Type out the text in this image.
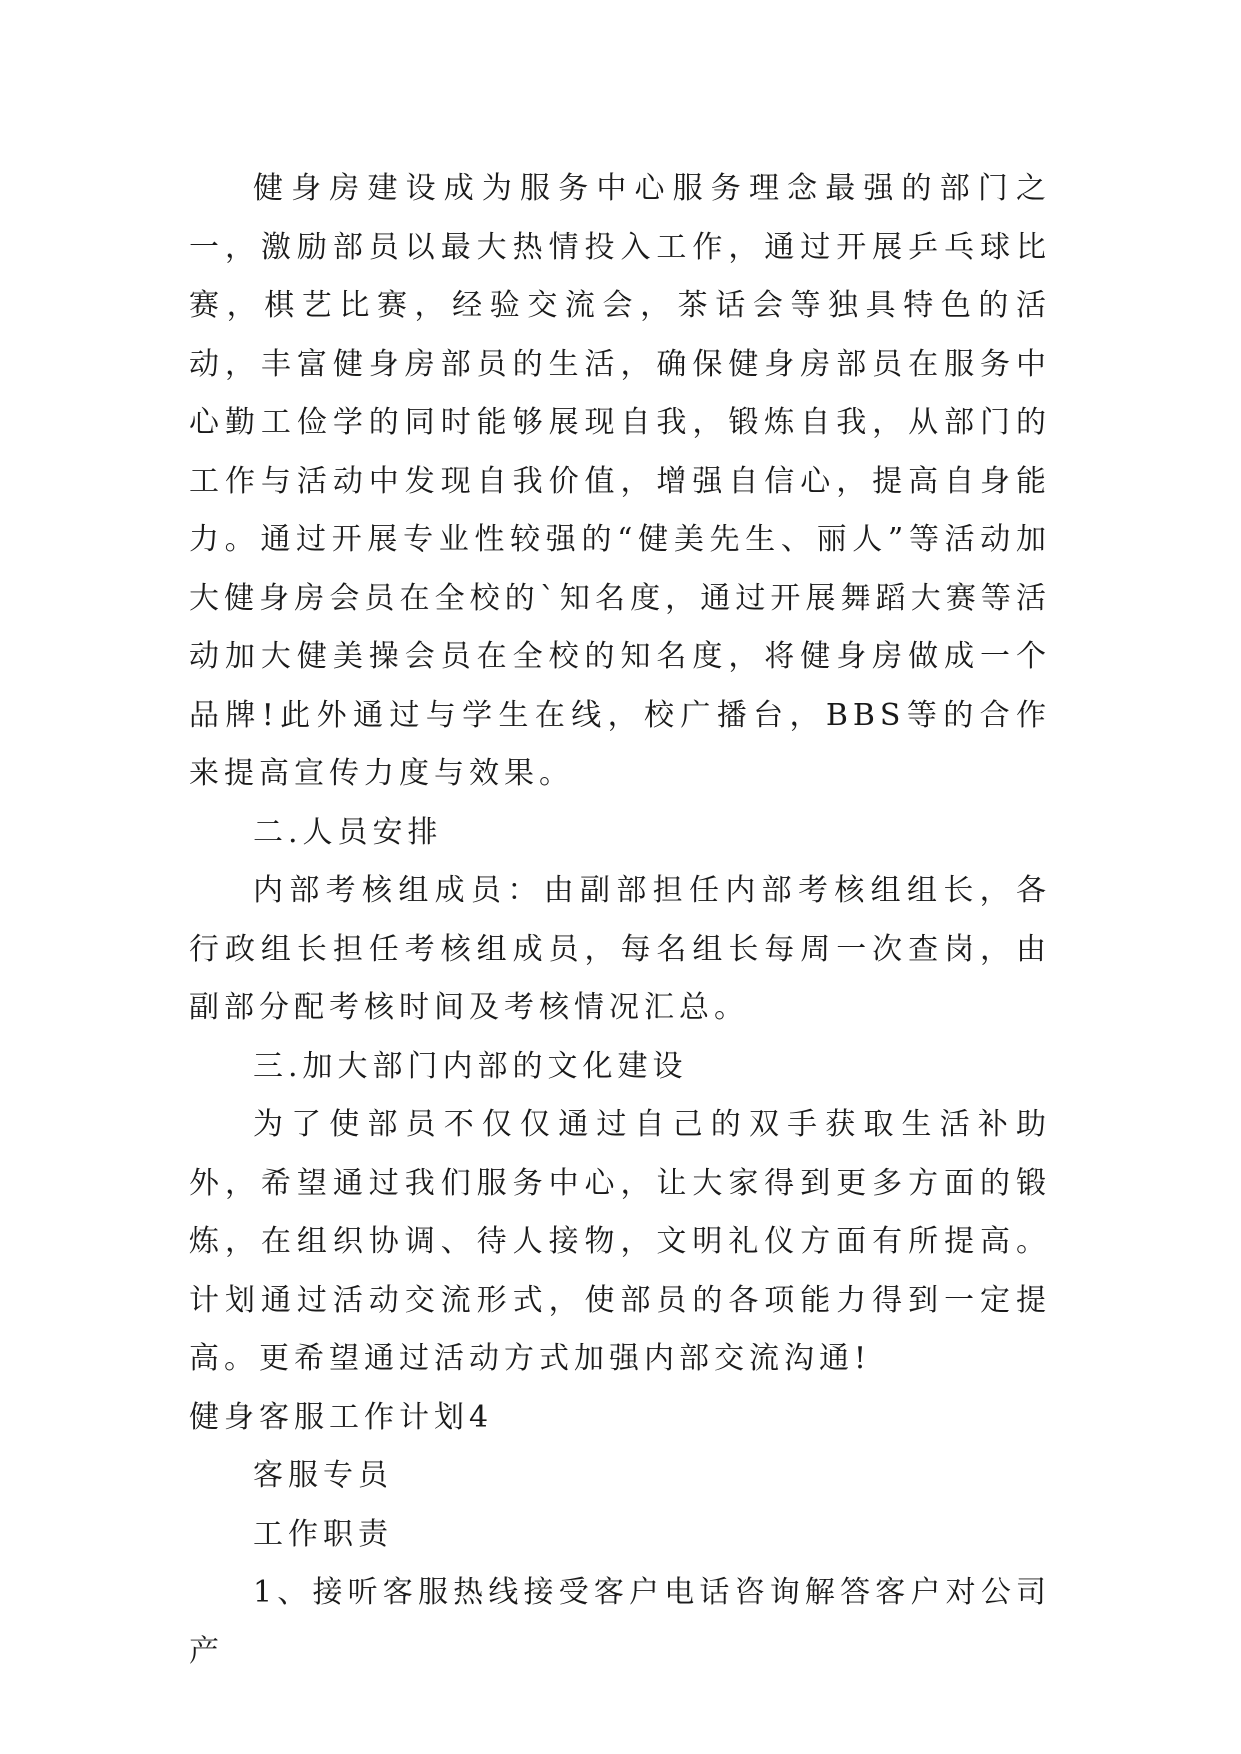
健身房建设成为服务中心服务理念最强的部门之一，激励部员以最大热情投入工作，通过开展乒乓球比赛，棋艺比赛，经验交流会，茶话会等独具特色的活动，丰富健身房部员的生活，确保健身房部员在服务中心勤工俭学的同时能够展现自我，锻炼自我，从部门的工作与活动中发现自我价值，增强自信心，提高自身能力。通过开展专业性较强的“健美先生、丽人”等活动加大健身房会员在全校的`知名度，通过开展舞蹈大赛等活动加大健美操会员在全校的知名度，将健身房做成一个品牌!此外通过与学生在线，校广播台，BBS等的合作来提高宣传力度与效果。

二.人员安排

内部考核组成员：由副部担任内部考核组组长，各行政组长担任考核组成员，每名组长每周一次查岗，由副部分配考核时间及考核情况汇总。

三.加大部门内部的文化建设

为了使部员不仅仅通过自己的双手获取生活补助外，希望通过我们服务中心，让大家得到更多方面的锻炼，在组织协调、待人接物，文明礼仪方面有所提高。计划通过活动交流形式，使部员的各项能力得到一定提高。更希望通过活动方式加强内部交流沟通!

健身客服工作计划4

客服专员

工作职责

1、接听客服热线接受客户电话咨询解答客户对公司产
